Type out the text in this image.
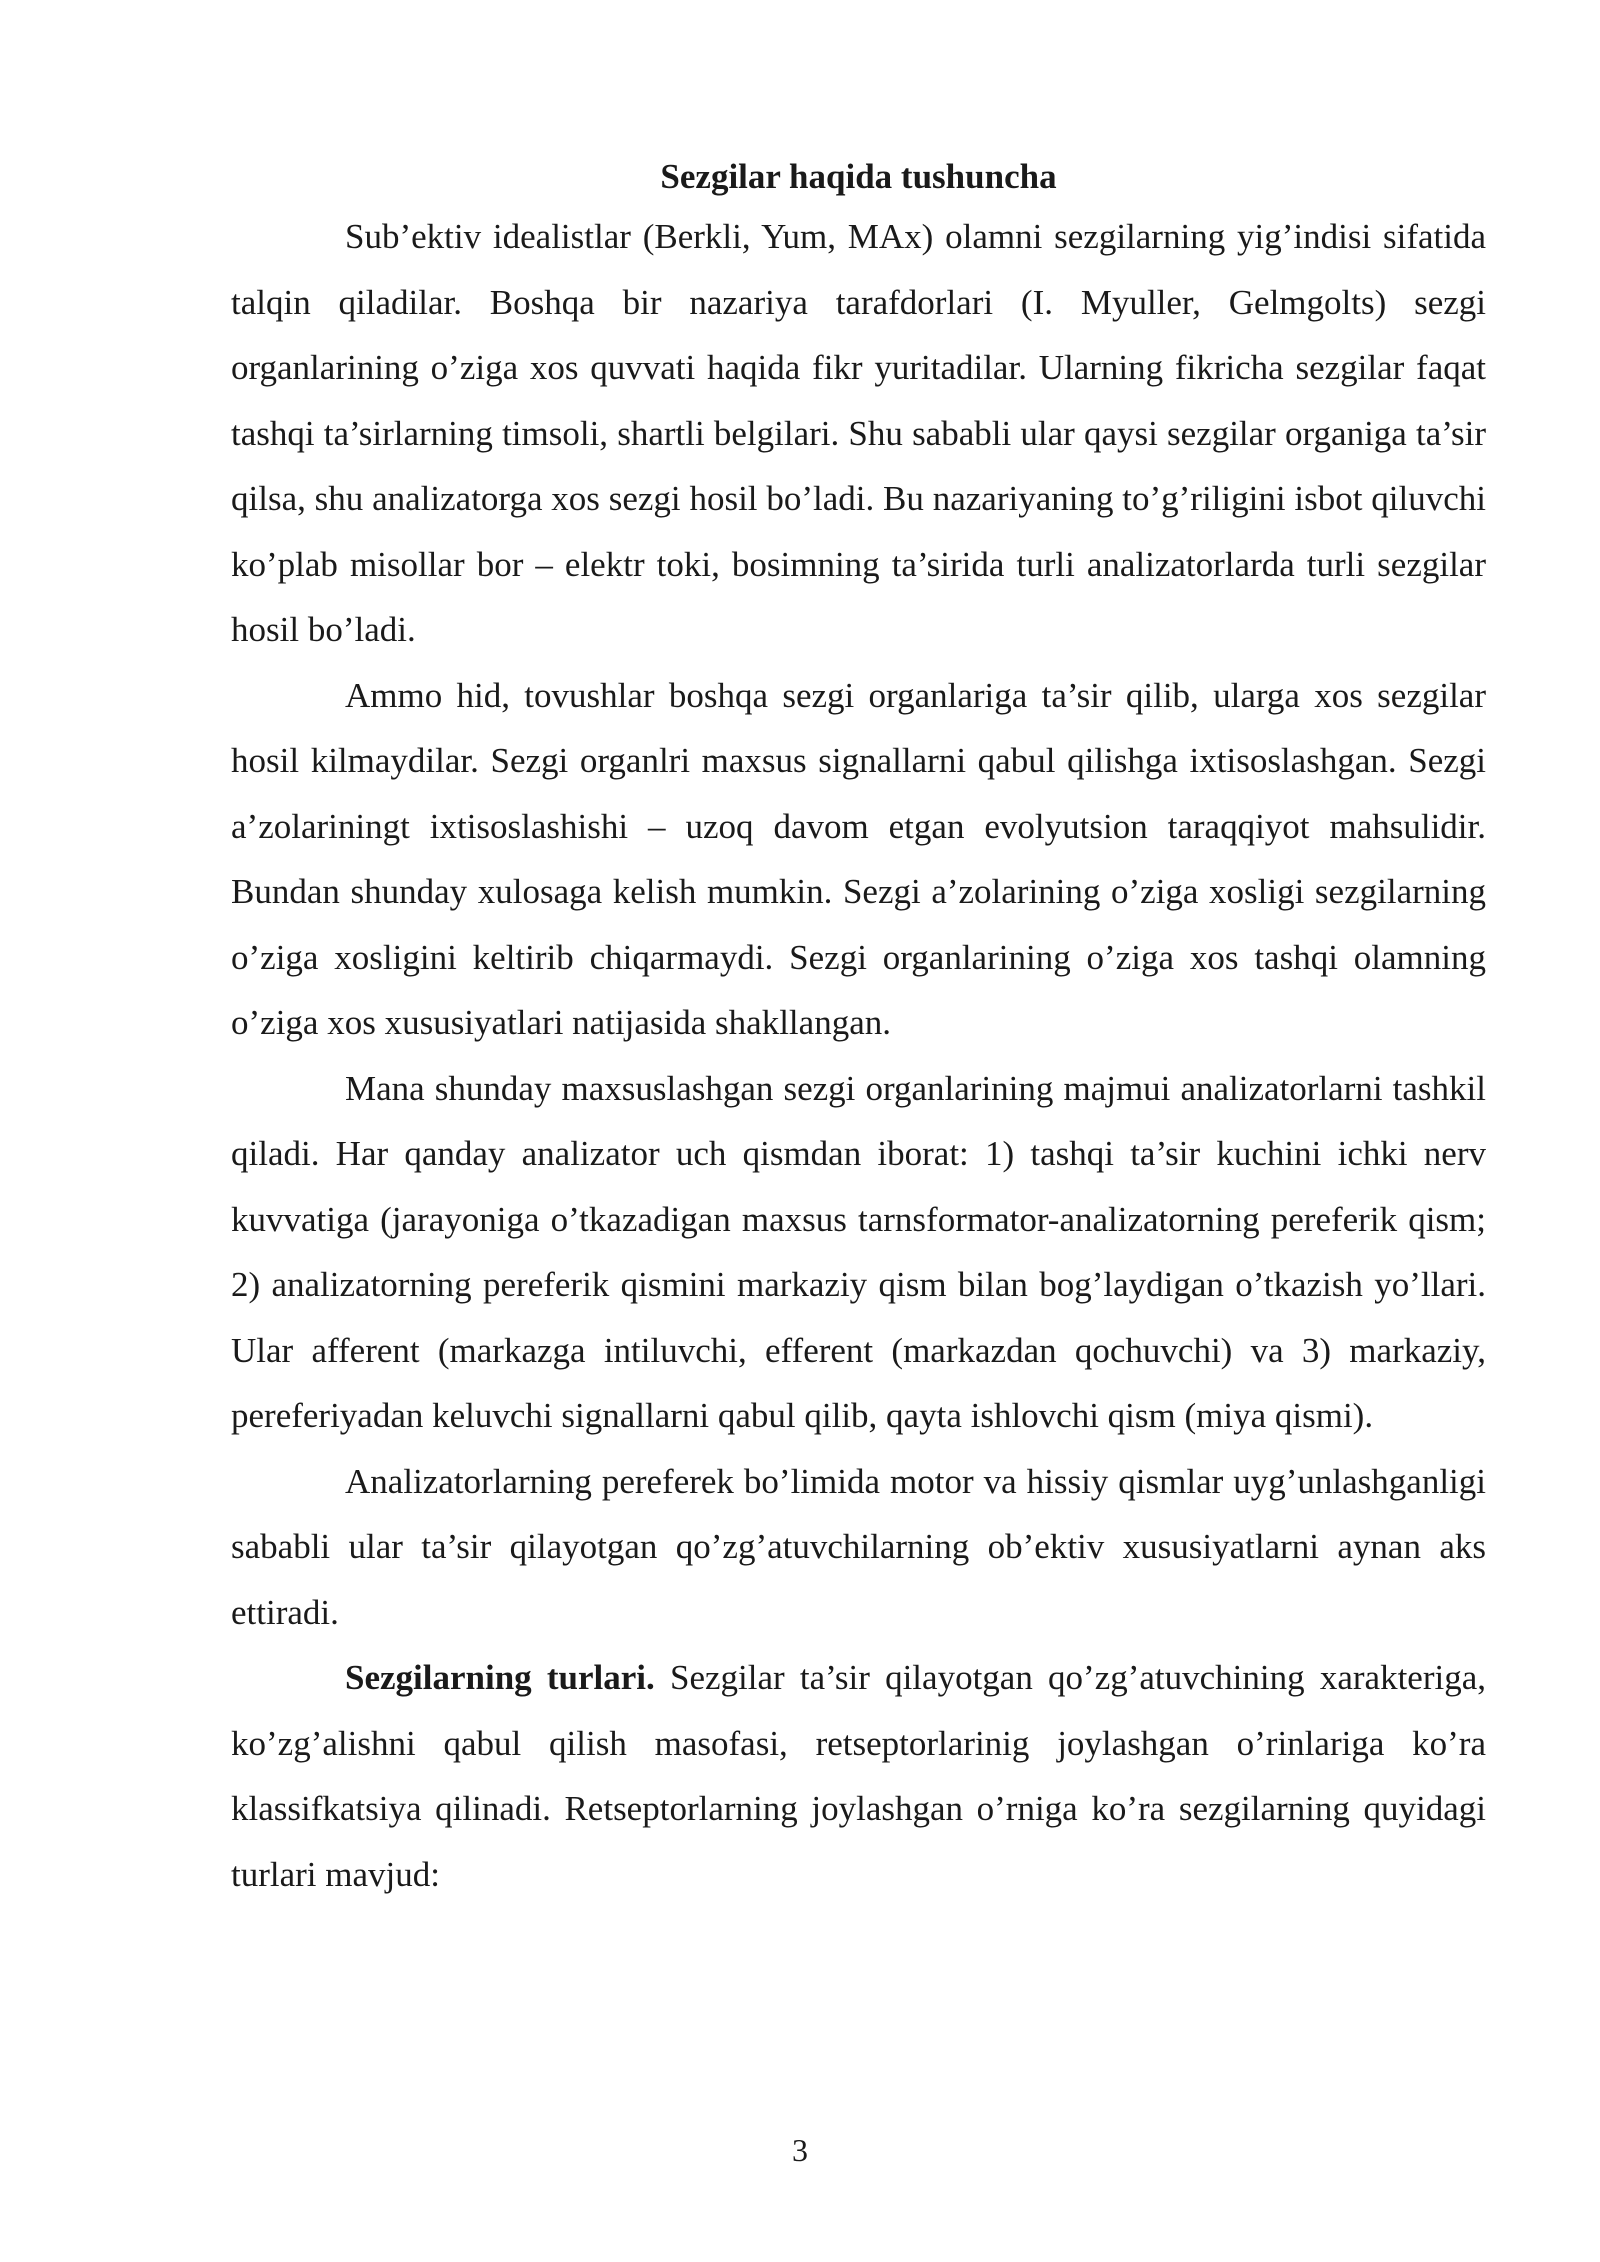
Sezgilar haqida tushuncha

Sub’ektiv idealistlar (Berkli, Yum, MAx) olamni sezgilarning yig’indisi sifatida talqin qiladilar. Boshqa bir nazariya tarafdorlari (I. Myuller, Gelmgolts) sezgi organlarining o’ziga xos quvvati haqida fikr yuritadilar. Ularning fikricha sezgilar faqat tashqi ta’sirlarning timsoli, shartli belgilari. Shu sababli ular qaysi sezgilar organiga ta’sir qilsa, shu analizatorga xos sezgi hosil bo’ladi. Bu nazariyaning to’g’riligini isbot qiluvchi ko’plab misollar bor – elektr toki, bosimning ta’sirida turli analizatorlarda turli sezgilar hosil bo’ladi.

Ammo hid, tovushlar boshqa sezgi organlariga ta’sir qilib, ularga xos sezgilar hosil kilmaydilar. Sezgi organlri maxsus signallarni qabul qilishga ixtisoslashgan. Sezgi a’zolariningt ixtisoslashishi – uzoq davom etgan evolyutsion taraqqiyot mahsulidir. Bundan shunday xulosaga kelish mumkin. Sezgi a’zolarining o’ziga xosligi sezgilarning o’ziga xosligini keltirib chiqarmaydi. Sezgi organlarining o’ziga xos tashqi olamning o’ziga xos xususiyatlari natijasida shakllangan.

Mana shunday maxsuslashgan sezgi organlarining majmui analizatorlarni tashkil qiladi. Har qanday analizator uch qismdan iborat: 1) tashqi ta’sir kuchini ichki nerv kuvvatiga (jarayoniga o’tkazadigan maxsus tarnsformator-analizatorning pereferik qism; 2) analizatorning pereferik qismini markaziy qism bilan bog’laydigan o’tkazish yo’llari. Ular afferent (markazga intiluvchi, efferent (markazdan qochuvchi) va 3) markaziy, pereferiyadan keluvchi signallarni qabul qilib, qayta ishlovchi qism (miya qismi).

Analizatorlarning pereferek bo’limida motor va hissiy qismlar uyg’unlashganligi sababli ular ta’sir qilayotgan qo’zg’atuvchilarning ob’ektiv xususiyatlarni aynan aks ettiradi.

Sezgilarning turlari. Sezgilar ta’sir qilayotgan qo’zg’atuvchining xarakteriga, ko’zg’alishni qabul qilish masofasi, retseptorlarinig joylashgan o’rinlariga ko’ra klassifkatsiya qilinadi. Retseptorlarning joylashgan o’rniga ko’ra sezgilarning quyidagi turlari mavjud:

3
